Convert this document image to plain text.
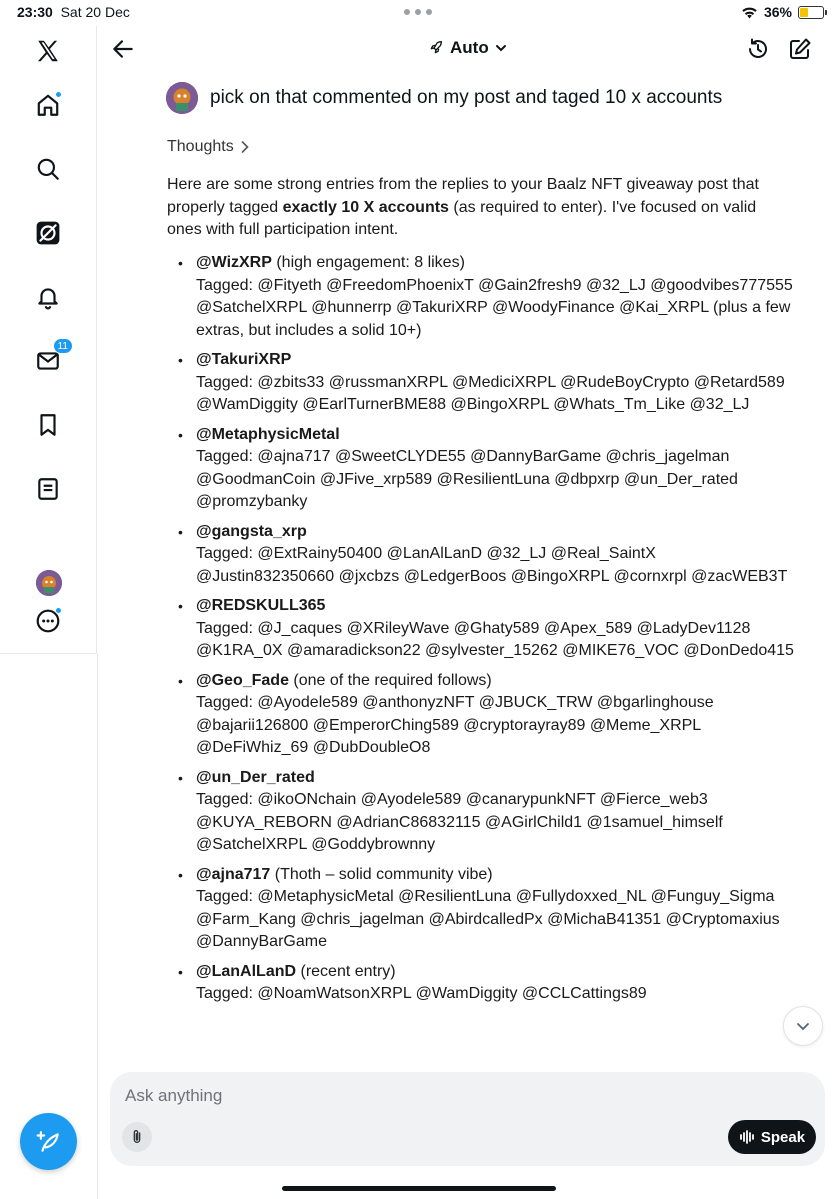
23:30 Sat 20 Dec	36%
11
Auto
pick on that commented on my post and taged 10 x accounts
Thoughts

Here are some strong entries from the replies to your Baalz NFT giveaway post that properly tagged exactly 10 X accounts (as required to enter). I've focused on valid ones with full participation intent.

• @WizXRP (high engagement: 8 likes)
Tagged: @Fityeth @FreedomPhoenixT @Gain2fresh9 @32_LJ @goodvibes777555 @SatchelXRPL @hunnerrp @TakuriXRP @WoodyFinance @Kai_XRPL (plus a few extras, but includes a solid 10+)
• @TakuriXRP
Tagged: @zbits33 @russmanXRPL @MediciXRPL @RudeBoyCrypto @Retard589 @WamDiggity @EarlTurnerBME88 @BingoXRPL @Whats_Tm_Like @32_LJ
• @MetaphysicMetal
Tagged: @ajna717 @SweetCLYDE55 @DannyBarGame @chris_jagelman @GoodmanCoin @JFive_xrp589 @ResilientLuna @dbpxrp @un_Der_rated @promzybanky
• @gangsta_xrp
Tagged: @ExtRainy50400 @LanAlLanD @32_LJ @Real_SaintX @Justin832350660 @jxcbzs @LedgerBoos @BingoXRPL @cornxrpl @zacWEB3T
• @REDSKULL365
Tagged: @J_caques @XRileyWave @Ghaty589 @Apex_589 @LadyDev1128 @K1RA_0X @amaradickson22 @sylvester_15262 @MIKE76_VOC @DonDedo415
• @Geo_Fade (one of the required follows)
Tagged: @Ayodele589 @anthonyzNFT @JBUCK_TRW @bgarlinghouse @bajarii126800 @EmperorChing589 @cryptorayray89 @Meme_XRPL @DeFiWhiz_69 @DubDoubleO8
• @un_Der_rated
Tagged: @ikoONchain @Ayodele589 @canarypunkNFT @Fierce_web3 @KUYA_REBORN @AdrianC86832115 @AGirlChild1 @1samuel_himself @SatchelXRPL @Goddybrownny
• @ajna717 (Thoth – solid community vibe)
Tagged: @MetaphysicMetal @ResilientLuna @Fullydoxxed_NL @Funguy_Sigma @Farm_Kang @chris_jagelman @AbirdcalledPx @MichaB41351 @Cryptomaxius @DannyBarGame
• @LanAlLanD (recent entry)
Tagged: @NoamWatsonXRPL @WamDiggity @CCLCattings89
Ask anything
Speak
